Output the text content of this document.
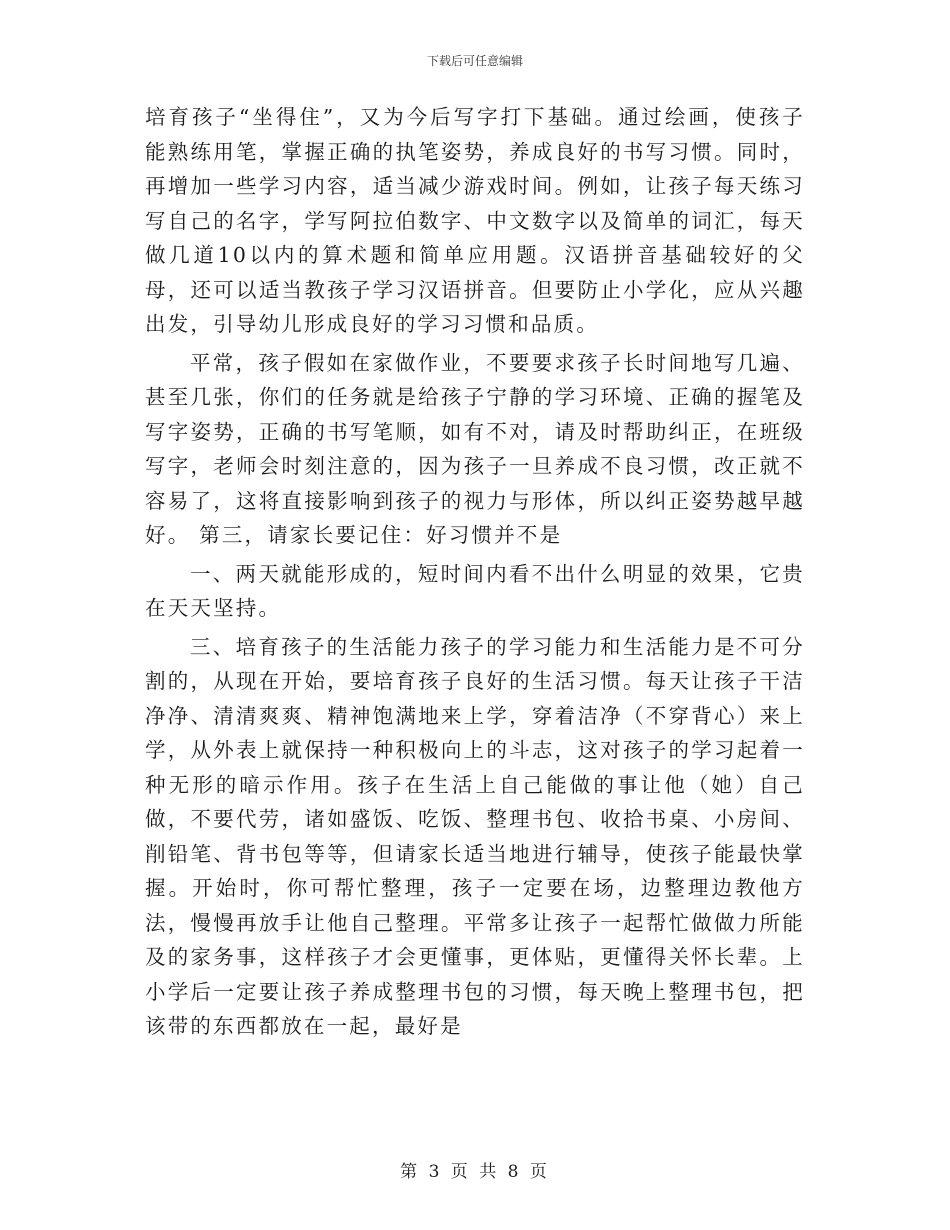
下载后可任意编辑

培育孩子“坐得住”，又为今后写字打下基础。通过绘画，使孩子能熟练用笔，掌握正确的执笔姿势，养成良好的书写习惯。同时，再增加一些学习内容，适当减少游戏时间。例如，让孩子每天练习写自己的名字，学写阿拉伯数字、中文数字以及简单的词汇，每天做几道10以内的算术题和简单应用题。汉语拼音基础较好的父母，还可以适当教孩子学习汉语拼音。但要防止小学化，应从兴趣出发，引导幼儿形成良好的学习习惯和品质。

平常，孩子假如在家做作业，不要要求孩子长时间地写几遍、甚至几张，你们的任务就是给孩子宁静的学习环境、正确的握笔及写字姿势，正确的书写笔顺，如有不对，请及时帮助纠正，在班级写字，老师会时刻注意的，因为孩子一旦养成不良习惯，改正就不容易了，这将直接影响到孩子的视力与形体，所以纠正姿势越早越好。 第三，请家长要记住：好习惯并不是

一、两天就能形成的，短时间内看不出什么明显的效果，它贵在天天坚持。

三、培育孩子的生活能力孩子的学习能力和生活能力是不可分割的，从现在开始，要培育孩子良好的生活习惯。每天让孩子干洁净净、清清爽爽、精神饱满地来上学，穿着洁净（不穿背心）来上学，从外表上就保持一种积极向上的斗志，这对孩子的学习起着一种无形的暗示作用。孩子在生活上自己能做的事让他（她）自己做，不要代劳，诸如盛饭、吃饭、整理书包、收拾书桌、小房间、削铅笔、背书包等等，但请家长适当地进行辅导，使孩子能最快掌握。开始时，你可帮忙整理，孩子一定要在场，边整理边教他方法，慢慢再放手让他自己整理。平常多让孩子一起帮忙做做力所能及的家务事，这样孩子才会更懂事，更体贴，更懂得关怀长辈。上小学后一定要让孩子养成整理书包的习惯，每天晚上整理书包，把该带的东西都放在一起，最好是

第 3 页 共 8 页
